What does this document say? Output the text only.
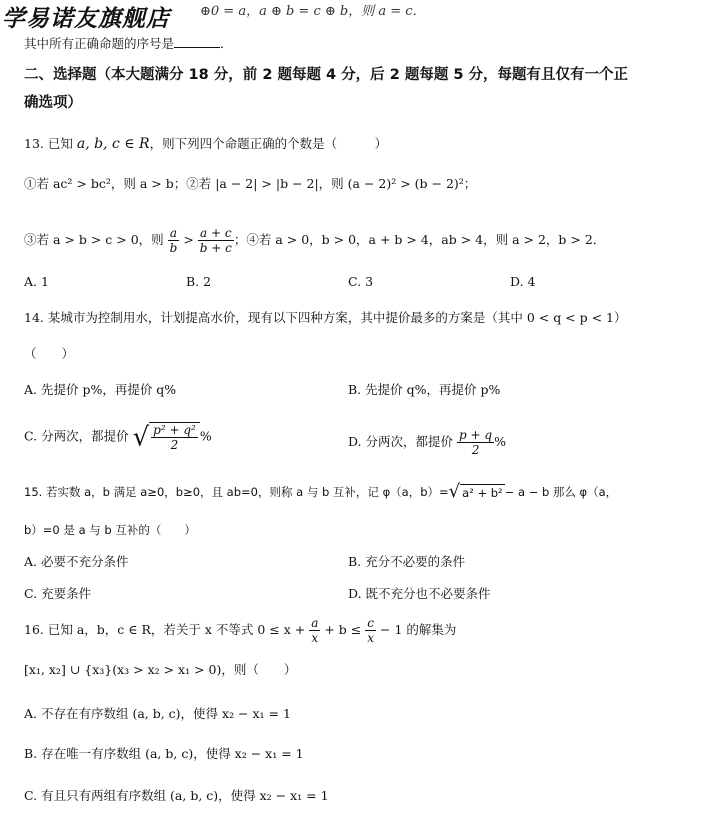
学易诺友旗舰店 ⊕0 = a，a ⊕ b = c ⊕ b，则 a = c．
其中所有正确命题的序号是	．
二、选择题（本大题满分 18 分，前 2 题每题 4 分，后 2 题每题 5 分，每题有且仅有一个正
确选项）
13. 已知 a, b, c ∈ R，则下列四个命题正确的个数是（　　　）
①若 ac² > bc²，则 a > b；②若 |a − 2| > |b − 2|，则 (a − 2)² > (b − 2)²；
③若 a > b > c > 0，则 $\frac{a}{b} > \frac{a + c}{b + c}$ ；④若 a > 0，b > 0，a + b > 4，ab > 4，则 a > 2，b > 2．
A. 1	B. 2	C. 3	D. 4
14. 某城市为控制用水，计划提高水价，现有以下四种方案，其中提价最多的方案是（其中 0 < q < p < 1）
（　　）
A. 先提价 p%，再提价 q%	B. 先提价 q%，再提价 p%
C. 分两次，都提价 √ $\frac{\text{p² + q²}}{2}$ %	D. 分两次，都提价 $\frac{p + q}{2}$ %
15. 若实数 a，b 满足 a≥0，b≥0，且 ab=0，则称 a 与 b 互补，记 φ（a，b）=√ a² + b² − a − b 那么 φ（a，
b）=0 是 a 与 b 互补的（　　）
A. 必要不充分条件	B. 充分不必要的条件
C. 充要条件	D. 既不充分也不必要条件
16. 已知 a，b，c ∈ R，若关于 x 不等式 $0 \le x + \frac{a}{x} + b \le \frac{c}{x} - 1$ 的解集为
[x₁, x₂] ∪ {x₃}(x₃ > x₂ > x₁ > 0)，则（　　）
A. 不存在有序数组 (a, b, c)，使得 x₂ − x₁ = 1
B. 存在唯一有序数组 (a, b, c)，使得 x₂ − x₁ = 1
C. 有且只有两组有序数组 (a, b, c)，使得 x₂ − x₁ = 1
